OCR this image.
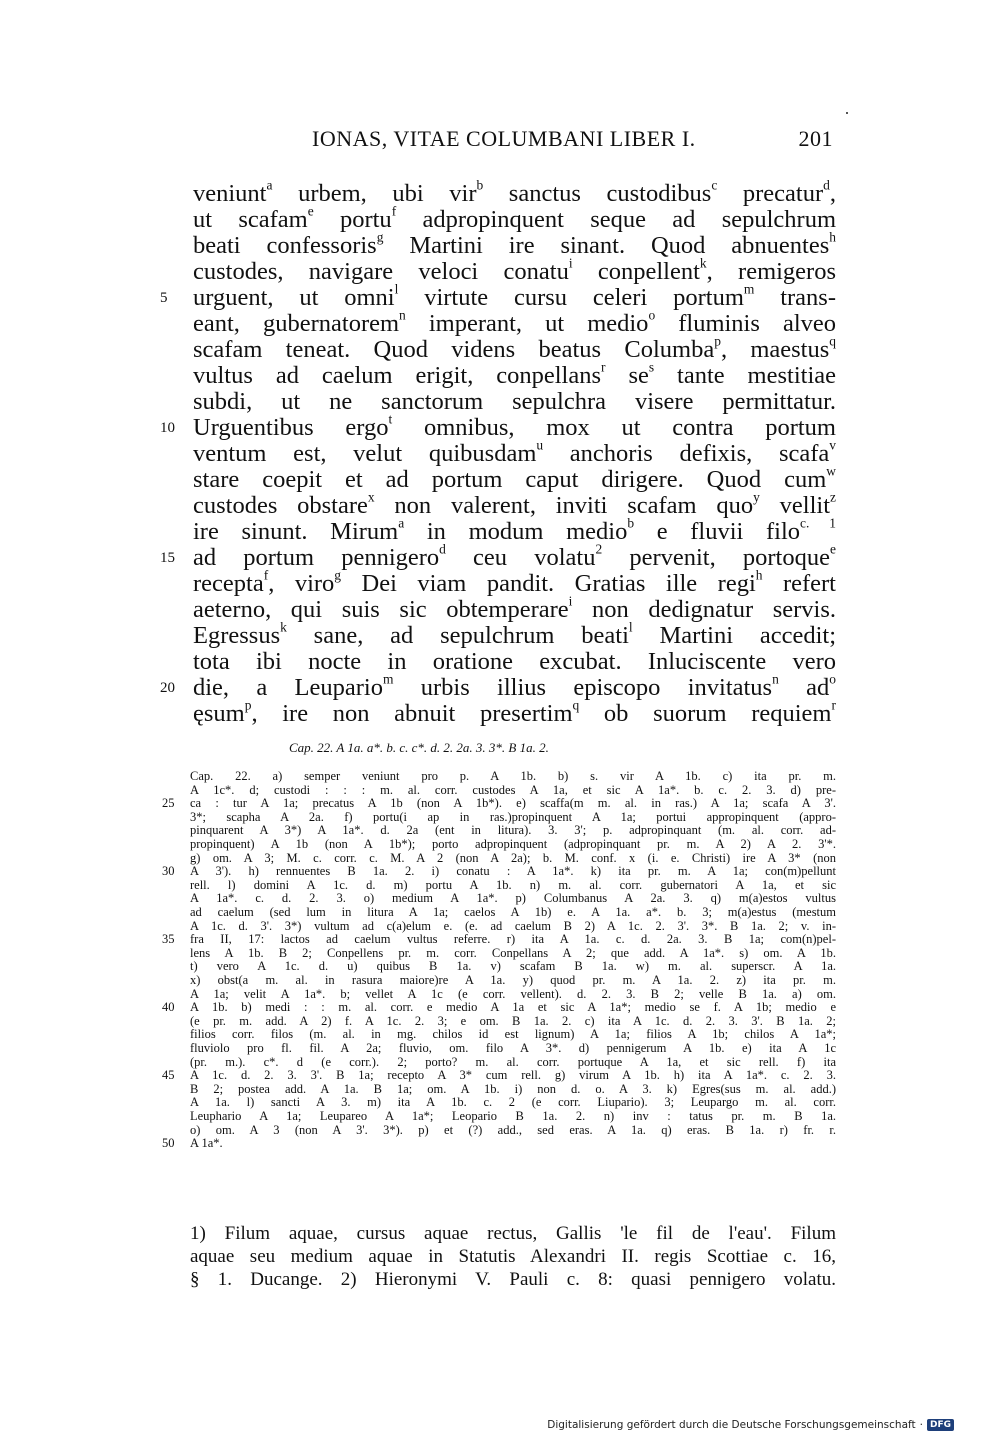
IONAS, VITAE COLUMBANI LIBER I.	201
veniunt$^a$ urbem, ubi vir$^b$ sanctus custodibus$^c$ precatur$^d$,
ut scafam$^e$ portu$^f$ adpropinquent seque ad sepulchrum
beati confessoris$^g$ Martini ire sinant. Quod abnuentes$^h$
custodes, navigare veloci conatu$^i$ conpellent$^k$, remigeros
5 urguent, ut omni$^l$ virtute cursu celeri portum$^m$ trans-
eant, gubernatorem$^n$ imperant, ut medio$^o$ fluminis alveo
scafam teneat. Quod videns beatus Columba$^p$, maestus$^q$
vultus ad caelum erigit, conpellans$^r$ $se^s$ tante mestitiae
subdi, ut ne sanctorum sepulchra visere permittatur.
10 Urguentibus ergo$^t$ omnibus, mox ut contra portum
ventum est, velut quibusdam$^u$ anchoris defixis, scafa$^v$
stare coepit et ad portum caput dirigere. Quod cum$^w$
custodes obstare$^x$ non valerent, inviti scafam quo$^y$ vellit$^z$
ire sinunt. Mirum$^a$ in modum medio$^b$ e fluvii filo$^{c. 1}$
15 ad portum pennigero$^d$ ceu volatu$^2$ pervenit, portoque$^e$
recepta$^f$, viro$^g$ Dei viam pandit. Gratias ille regi$^h$ refert
aeterno, qui suis sic obtemperare$^i$ non dedignatur servis.
Egressus$^k$ sane, ad sepulchrum beati$^l$ Martini accedit;
tota ibi nocte in oratione excubat. Inluciscente vero
20 die, a Leupario$^m$ urbis illius episcopo invitatus$^n$ $ad^o$
ęsum$^p$, ire non abnuit presertim$^q$ ob suorum requiem$^r$
Cap. 22. A 1a. a*. b. c. c*. d. 2. 2a. 3. 3*. B 1a. 2.
Cap. 22. a) semper veniunt pro p. A 1b. b) s. vir A 1b. c) ita pr. m.
A 1c*. d; custodi : : : m. al. corr. custodes A 1a, et sic A 1a*. b. c. 2. 3. d) pre-
ca : tur A 1a; precatus A 1b (non A 1b*). e) scaffa(m m. al. in ras.) A 1a; scafa A 3'.
3*; scapha A 2a. f) portu(i ap in ras.)propinquent A 1a; portui appropinquent (appro-
pinquarent A 3*) A 1a*. d. 2a (ent in litura). 3. 3'; p. adpropinquant (m. al. corr. ad-
propinquent) A 1b (non A 1b*); porto adpropinquent (adpropinquant pr. m. A 2) A 2. 3'*.
g) om. A 3; M. c. corr. c. M. A 2 (non A 2a); b. M. conf. x (i. e. Christi) ire A 3* (non
A 3'). h) rennuentes B 1a. 2. i) conatu : A 1a*. k) ita pr. m. A 1a; con(m)pellunt
rell. l) domini A 1c. d. m) portu A 1b. n) m. al. corr. gubernatori A 1a, et sic
A 1a*. c. d. 2. 3. o) medium A 1a*. p) Columbanus A 2a. 3. q) m(a)estos vultus
ad caelum (sed lum in litura A 1a; caelos A 1b) e. A 1a. a*. b. 3; m(a)estus (mestum
A 1c. d. 3'. 3*) vultum ad c(a)elum e. (e. ad caelum B 2) A 1c. 2. 3'. 3*. B 1a. 2; v. in-
fra II, 17: lactos ad caelum vultus referre. r) ita A 1a. c. d. 2a. 3. B 1a; com(n)pel-
lens A 1b. B 2; Conpellens pr. m. corr. Conpellans A 2; que add. A 1a*. s) om. A 1b.
t) vero A 1c. d. u) quibus B 1a. v) scafam B 1a. w) m. al. superscr. A 1a.
x) obst(a m. al. in rasura maiore)re A 1a. y) quod pr. m. A 1a. 2. z) ita pr. m.
A 1a; velit A 1a*. b; vellet A 1c (e corr. vellent). d. 2. 3. B 2; velle B 1a. a) om.
A 1b. b) medi : : m. al. corr. e medio A 1a et sic A 1a*; medio se f. A 1b; medio e
(e pr. m. add. A 2) f. A 1c. 2. 3; e om. B 1a. 2. c) ita A 1c. d. 2. 3. 3'. B 1a. 2;
filios corr. filos (m. al. in mg. chilos id est lignum) A 1a; filios A 1b; chilos A 1a*;
fluviolo pro fl. fil. A 2a; fluvio, om. filo A 3*. d) pennigerum A 1b. e) ita A 1c
(pr. m.). c*. d (e corr.). 2; porto? m. al. corr. portuque A 1a, et sic rell. f) ita
A 1c. d. 2. 3. 3'. B 1a; recepto A 3* cum rell. g) virum A 1b. h) ita A 1a*. c. 2. 3.
B 2; postea add. A 1a. B 1a; om. A 1b. i) non d. o. A 3. k) Egres(sus m. al. add.)
A 1a. l) sancti A 3. m) ita A 1b. c. 2 (e corr. Liupario). 3; Leupargo m. al. corr.
Leuphario A 1a; Leupareo A 1a*; Leopario B 1a. 2. n) inv : tatus pr. m. B 1a.
o) om. A 3 (non A 3'. 3*). p) et (?) add., sed eras. A 1a. q) eras. B 1a. r) fr. r.
A 1a*.
25
30
35
40
45
50
1) Filum aquae, cursus aquae rectus, Gallis 'le fil de l'eau'. Filum
aquae seu medium aquae in Statutis Alexandri II. regis Scottiae c. 16,
§ 1. Ducange. 2) Hieronymi V. Pauli c. 8: quasi pennigero volatu.
Digitalisierung gefördert durch die Deutsche Forschungsgemeinschaft · DFG
